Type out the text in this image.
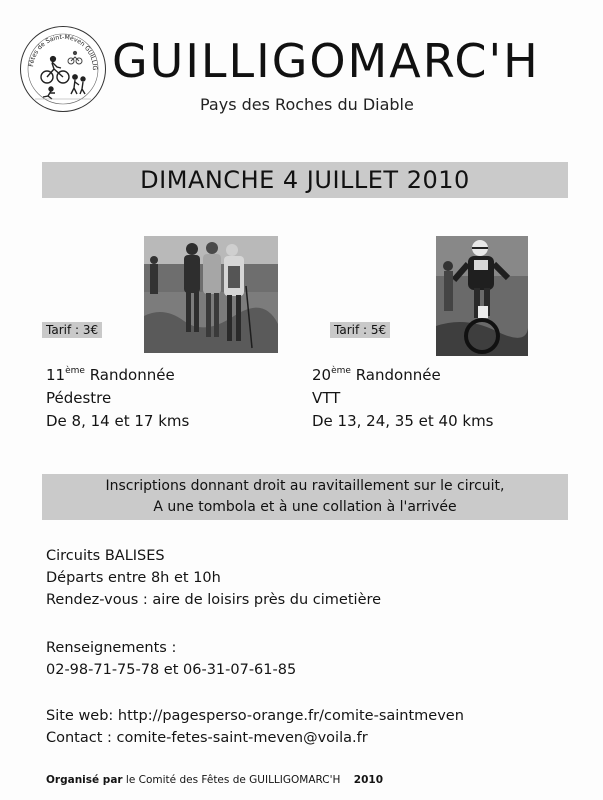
Fêtes de Saint-Méven GUILLIG GUILLIGOMARC'H
Pays des Roches du Diable
DIMANCHE 4 JUILLET 2010
Tarif : 3€	Tarif : 5€
11ème Randonnée
Pédestre
De 8, 14 et 17 kms
20ème Randonnée
VTT
De 13, 24, 35 et 40 kms
Inscriptions donnant droit au ravitaillement sur le circuit,
A une tombola et à une collation à l'arrivée
Circuits BALISES
Départs entre 8h et 10h
Rendez-vous : aire de loisirs près du cimetière
Renseignements :
02-98-71-75-78 et 06-31-07-61-85
Site web: http://pagesperso-orange.fr/comite-saintmeven
Contact : comite-fetes-saint-meven@voila.fr
Organisé par le Comité des Fêtes de GUILLIGOMARC'H 2010
